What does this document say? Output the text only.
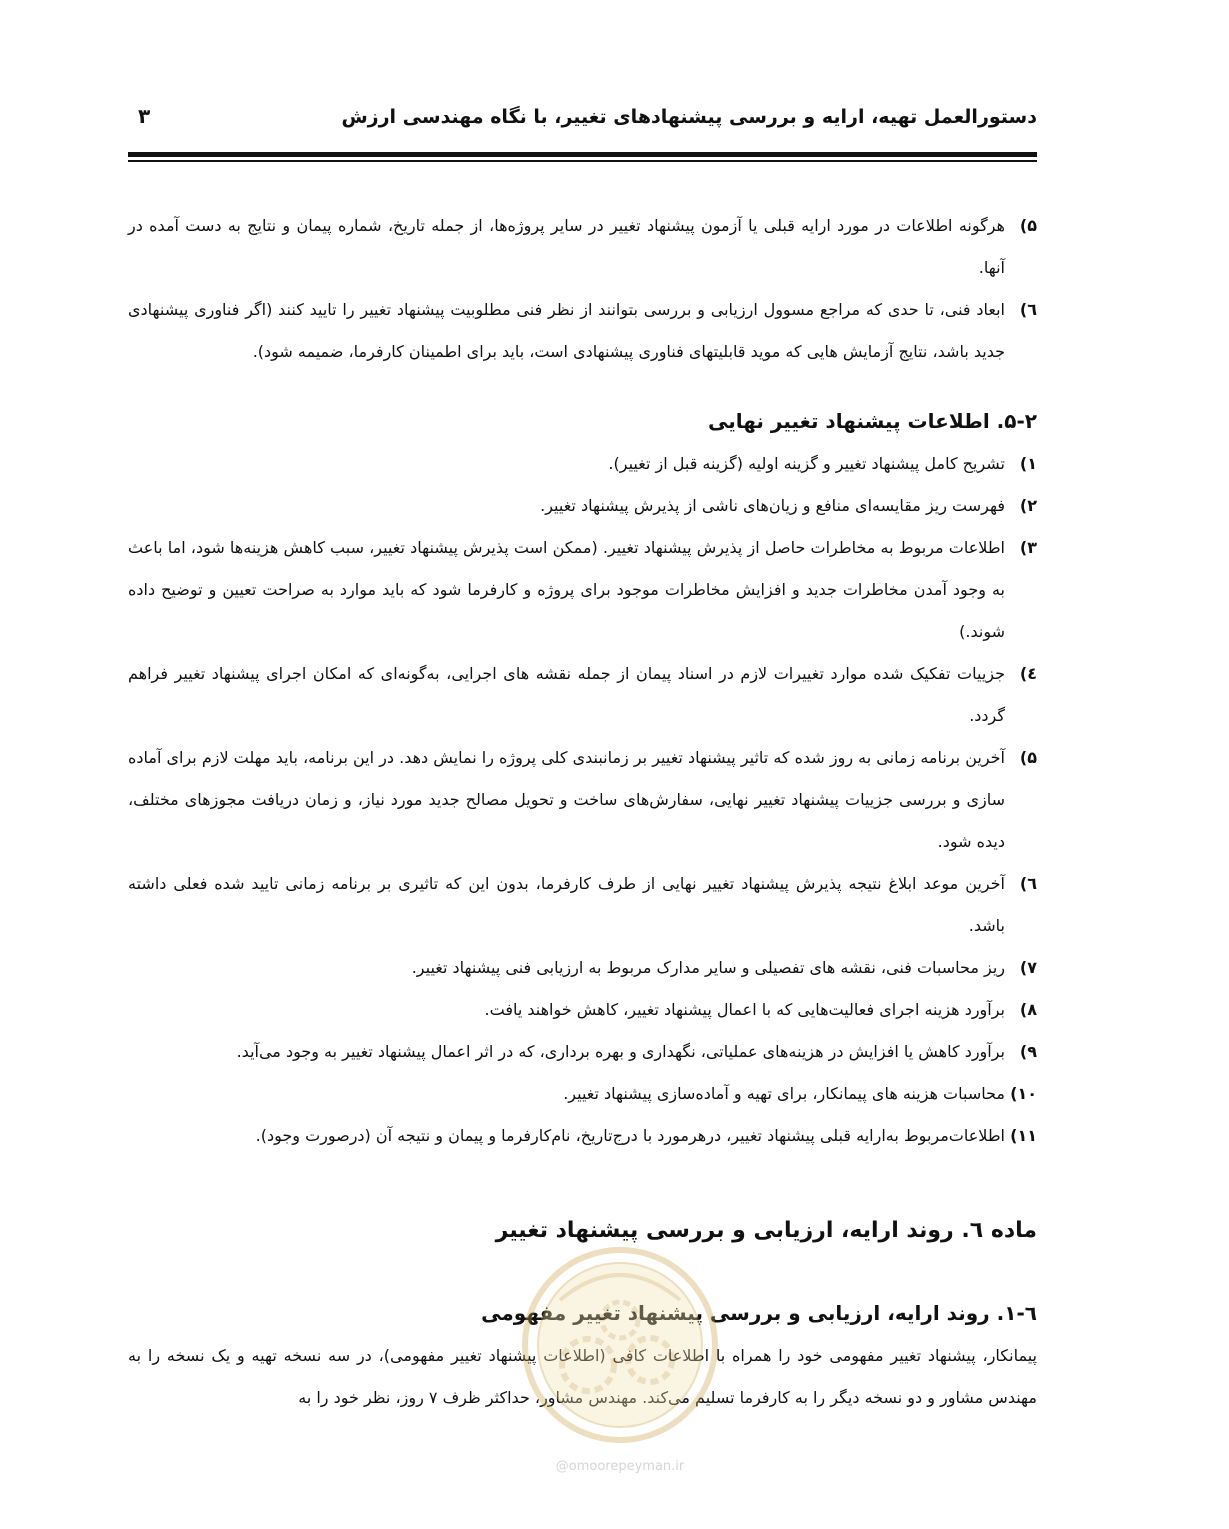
دستورالعمل تهیه، ارایه و بررسی پیشنهادهای تغییر، با نگاه مهندسی ارزش
۳
۵)
هرگونه اطلاعات در مورد ارایه قبلی یا آزمون پیشنهاد تغییر در سایر پروژه‌ها، از جمله تاریخ، شماره پیمان و نتایج به دست آمده در آنها.
٦)
ابعاد فنی، تا حدی که مراجع مسوول ارزیابی و بررسی بتوانند از نظر فنی مطلوبیت پیشنهاد تغییر را تایید کنند (اگر فناوری پیشنهادی جدید باشد، نتایج آزمایش هایی که موید قابلیتهای فناوری پیشنهادی است، باید برای اطمینان کارفرما، ضمیمه شود).
۵-۲. اطلاعات پیشنهاد تغییر نهایی
۱)
تشریح کامل پیشنهاد تغییر و گزینه اولیه (گزینه قبل از تغییر).
۲)
فهرست ریز مقایسه‌ای منافع و زیان‌های ناشی از پذیرش پیشنهاد تغییر.
۳)
اطلاعات مربوط به مخاطرات حاصل از پذیرش پیشنهاد تغییر. (ممکن است پذیرش پیشنهاد تغییر، سبب کاهش هزینه‌ها شود، اما باعث به وجود آمدن مخاطرات جدید و افزایش مخاطرات موجود برای پروژه و کارفرما شود که باید موارد به صراحت تعیین و توضیح داده شوند.)
٤)
جزییات تفکیک شده موارد تغییرات لازم در اسناد پیمان از جمله نقشه های اجرایی، به‌گونه‌ای که امکان اجرای پیشنهاد تغییر فراهم گردد.
۵)
آخرین برنامه زمانی به روز شده که تاثیر پیشنهاد تغییر بر زمانبندی کلی پروژه را نمایش دهد. در این برنامه، باید مهلت لازم برای آماده سازی و بررسی جزییات پیشنهاد تغییر نهایی، سفارش‌های ساخت و تحویل مصالح جدید مورد نیاز، و زمان دریافت مجوزهای مختلف، دیده شود.
٦)
آخرین موعد ابلاغ نتیجه پذیرش پیشنهاد تغییر نهایی از طرف کارفرما، بدون این که تاثیری بر برنامه زمانی تایید شده فعلی داشته باشد.
۷)
ریز محاسبات فنی، نقشه های تفصیلی و سایر مدارک مربوط به ارزیابی فنی پیشنهاد تغییر.
۸)
برآورد هزینه اجرای فعالیت‌هایی که با اعمال پیشنهاد تغییر، کاهش خواهند یافت.
۹)
برآورد کاهش یا افزایش در هزینه‌های عملیاتی، نگهداری و بهره برداری، که در اثر اعمال پیشنهاد تغییر به وجود می‌آید.
۱۰)
محاسبات هزینه های پیمانکار، برای تهیه و آماده‌سازی پیشنهاد تغییر.
۱۱)
اطلاعات‌مربوط به‌ارایه قبلی پیشنهاد تغییر، درهرمورد با درج‌تاریخ، نام‌کارفرما و پیمان و نتیجه آن (درصورت وجود).
ماده ٦. روند ارایه، ارزیابی و بررسی پیشنهاد تغییر
٦-۱. روند ارایه، ارزیابی و بررسی پیشنهاد تغییر مفهومی
پیمانکار، پیشنهاد تغییر مفهومی خود را همراه با اطلاعات کافی (اطلاعات پیشنهاد تغییر مفهومی)، در سه نسخه تهیه و یک نسخه را به مهندس مشاور و دو نسخه دیگر را به کارفرما تسلیم می‌کند. مهندس مشاور، حداکثر ظرف ۷ روز، نظر خود را به
@omoorepeyman.ir
